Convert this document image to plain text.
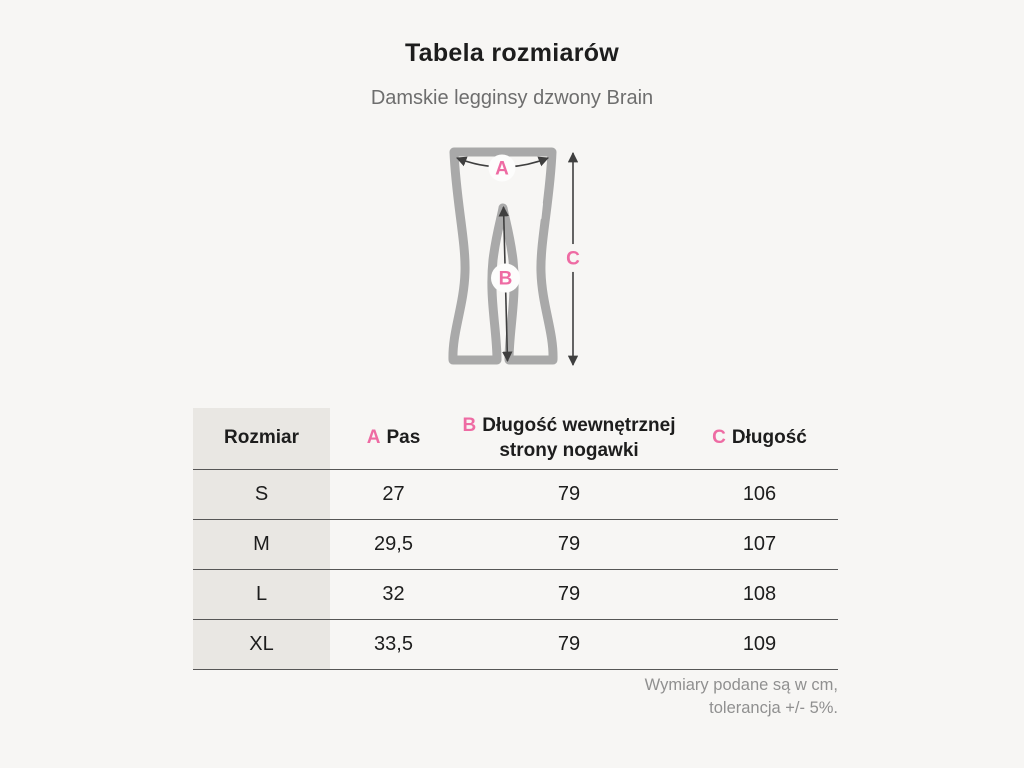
Tabela rozmiarów
Damskie legginsy dzwony Brain
A
B
C
Rozmiar	A Pas	B Długość wewnętrznej strony nogawki	C Długość
S	27	79	106
M	29,5	79	107
L	32	79	108
XL	33,5	79	109
Wymiary podane są w cm,
tolerancja +/- 5%.
